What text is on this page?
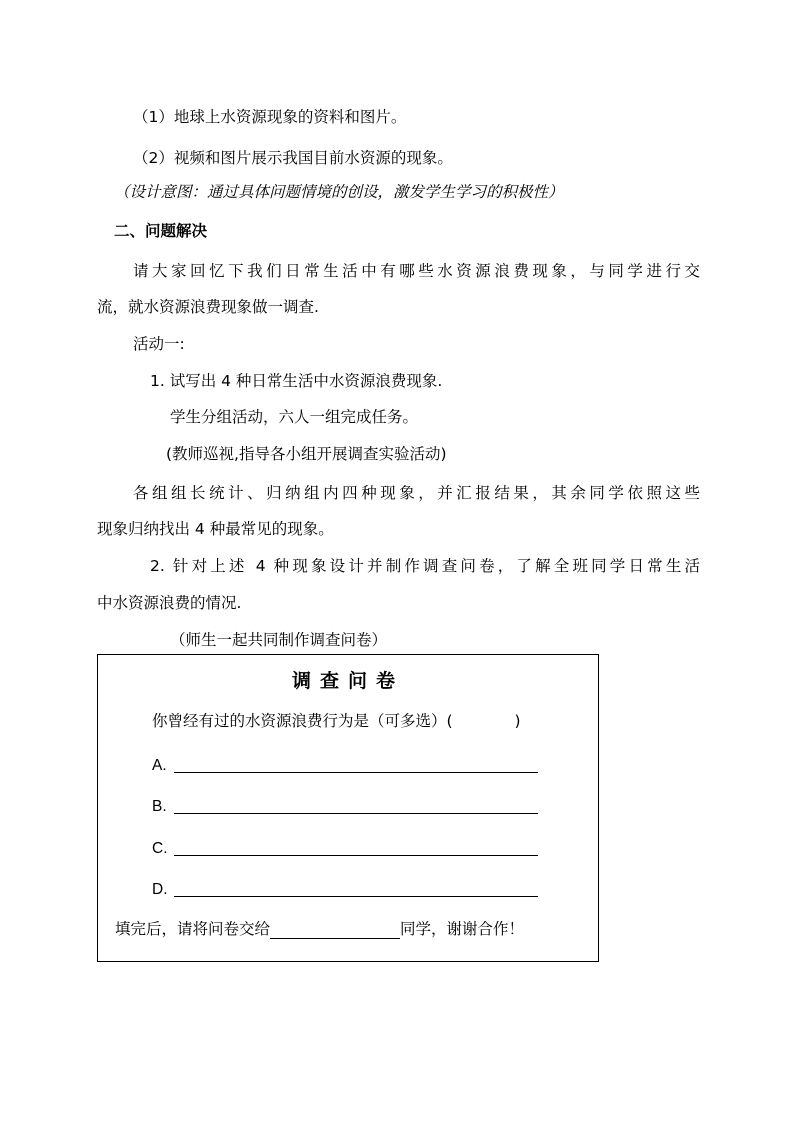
（1）地球上水资源现象的资料和图片。
（2）视频和图片展示我国目前水资源的现象。
（设计意图：通过具体问题情境的创设，激发学生学习的积极性）
二、问题解决
请大家回忆下我们日常生活中有哪些水资源浪费现象，与同学进行交
流，就水资源浪费现象做一调查.
活动一:
1. 试写出 4 种日常生活中水资源浪费现象.
学生分组活动，六人一组完成任务。
(教师巡视,指导各小组开展调查实验活动)
各组组长统计、归纳组内四种现象，并汇报结果，其余同学依照这些
现象归纳找出 4 种最常见的现象。
2. 针对上述 4 种现象设计并制作调查问卷，了解全班同学日常生活
中水资源浪费的情况.
（师生一起共同制作调查问卷）
调查问卷
你曾经有过的水资源浪费行为是（可多选）(　　　　)
A.
B.
C.
D.
填完后，请将问卷交给	同学，谢谢合作！
